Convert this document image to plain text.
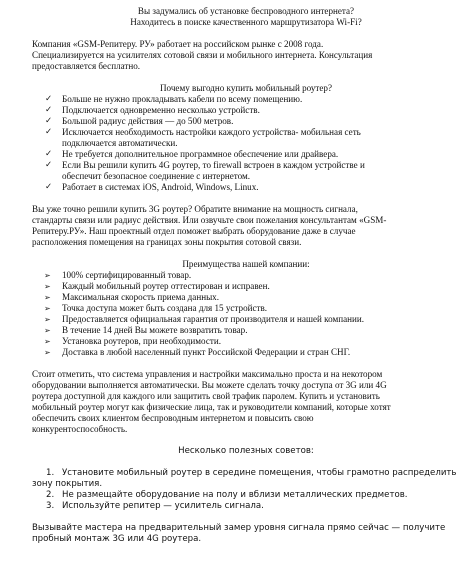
Вы задумались об установке беспроводного интернета?

Находитесь в поиске качественного маршрутизатора Wi-Fi?

Компания «GSM-Репитеру. РУ» работает на российском рынке с 2008 года.

Специализируется на усилителях сотовой связи и мобильного интернета. Консультация

предоставляется бесплатно.

Почему выгодно купить мобильный роутер?

✓ Больше не нужно прокладывать кабели по всему помещению.
✓ Подключается одновременно несколько устройств.
✓ Большой радиус действия — до 500 метров.
✓ Исключается необходимость настройки каждого устройства- мобильная сеть
подключается автоматически.
✓ Не требуется дополнительное программное обеспечение или драйвера.
✓ Если Вы решили купить 4G роутер, то firewall встроен в каждом устройстве и
обеспечит безопасное соединение с интернетом.
✓ Работает в системах iOS, Android, Windows, Linux.

Вы уже точно решили купить 3G роутер? Обратите внимание на мощность сигнала,

стандарты связи или радиус действия. Или озвучьте свои пожелания консультантам «GSM-

Репитеру.РУ». Наш проектный отдел поможет выбрать оборудование даже в случае

расположения помещения на границах зоны покрытия сотовой связи.

Преимущества нашей компании:

➢ 100% сертифицированный товар.
➢ Каждый мобильный роутер оттестирован и исправен.
➢ Максимальная скорость приема данных.
➢ Точка доступа может быть создана для 15 устройств.
➢ Предоставляется официальная гарантия от производителя и нашей компании.
➢ В течение 14 дней Вы можете возвратить товар.
➢ Установка роутеров, при необходимости.
➢ Доставка в любой населенный пункт Российской Федерации и стран СНГ.

Стоит отметить, что система управления и настройки максимально проста и на некотором

оборудовании выполняется автоматически. Вы можете сделать точку доступа от 3G или 4G

роутера доступной для каждого или защитить свой трафик паролем. Купить и установить

мобильный роутер могут как физические лица, так и руководители компаний, которые хотят

обеспечить своих клиентом беспроводным интернетом и повысить свою

конкурентоспособность.

Несколько полезных советов:

1. Установите мобильный роутер в середине помещения, чтобы грамотно распределить
зону покрытия.
2. Не размещайте оборудование на полу и вблизи металлических предметов.
3. Используйте репитер — усилитель сигнала.

Вызывайте мастера на предварительный замер уровня сигнала прямо сейчас — получите

пробный монтаж 3G или 4G роутера.
